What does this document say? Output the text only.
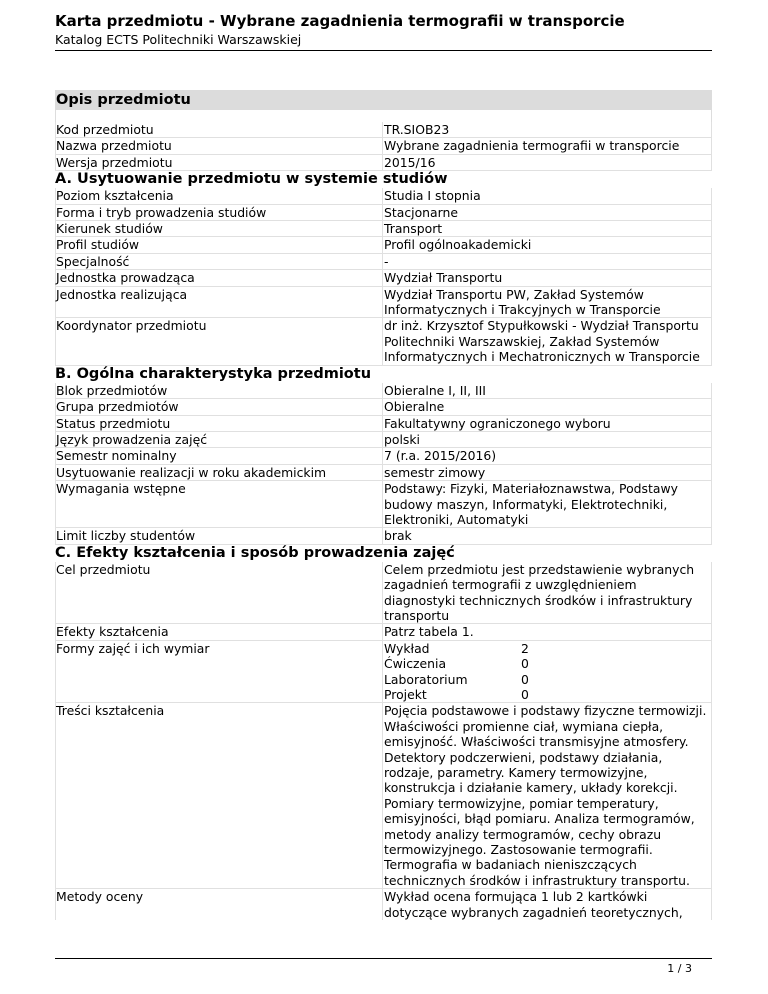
Karta przedmiotu - Wybrane zagadnienia termografii w transporcie
Katalog ECTS Politechniki Warszawskiej
Opis przedmiotu
Kod przedmiotu	TR.SIOB23
Nazwa przedmiotu	Wybrane zagadnienia termografii w transporcie
Wersja przedmiotu	2015/16
A. Usytuowanie przedmiotu w systemie studiów
Poziom kształcenia	Studia I stopnia
Forma i tryb prowadzenia studiów	Stacjonarne
Kierunek studiów	Transport
Profil studiów	Profil ogólnoakademicki
Specjalność	-
Jednostka prowadząca	Wydział Transportu
Jednostka realizująca	Wydział Transportu PW, Zakład Systemów Informatycznych i Trakcyjnych w Transporcie
Koordynator przedmiotu	dr inż. Krzysztof Stypułkowski - Wydział Transportu Politechniki Warszawskiej, Zakład Systemów Informatycznych i Mechatronicznych w Transporcie
B. Ogólna charakterystyka przedmiotu
Blok przedmiotów	Obieralne I, II, III
Grupa przedmiotów	Obieralne
Status przedmiotu	Fakultatywny ograniczonego wyboru
Język prowadzenia zajęć	polski
Semestr nominalny	7 (r.a. 2015/2016)
Usytuowanie realizacji w roku akademickim	semestr zimowy
Wymagania wstępne	Podstawy: Fizyki, Materiałoznawstwa, Podstawy budowy maszyn, Informatyki, Elektrotechniki, Elektroniki, Automatyki
Limit liczby studentów	brak
C. Efekty kształcenia i sposób prowadzenia zajęć
Cel przedmiotu	Celem przedmiotu jest przedstawienie wybranych zagadnień termografii z uwzględnieniem diagnostyki technicznych środków i infrastruktury transportu
Efekty kształcenia	Patrz tabela 1.
Formy zajęć i ich wymiar	Wykład	2
Ćwiczenia	0
Laboratorium	0
Projekt	0
Treści kształcenia	Pojęcia podstawowe i podstawy fizyczne termowizji. Właściwości promienne ciał, wymiana ciepła, emisyjność. Właściwości transmisyjne atmosfery. Detektory podczerwieni, podstawy działania, rodzaje, parametry. Kamery termowizyjne, konstrukcja i działanie kamery, układy korekcji. Pomiary termowizyjne, pomiar temperatury, emisyjności, błąd pomiaru. Analiza termogramów, metody analizy termogramów, cechy obrazu termowizyjnego. Zastosowanie termografii. Termografia w badaniach nieniszczących technicznych środków i infrastruktury transportu.
Metody oceny	Wykład ocena formująca 1 lub 2 kartkówki dotyczące wybranych zagadnień teoretycznych,
1 / 3
